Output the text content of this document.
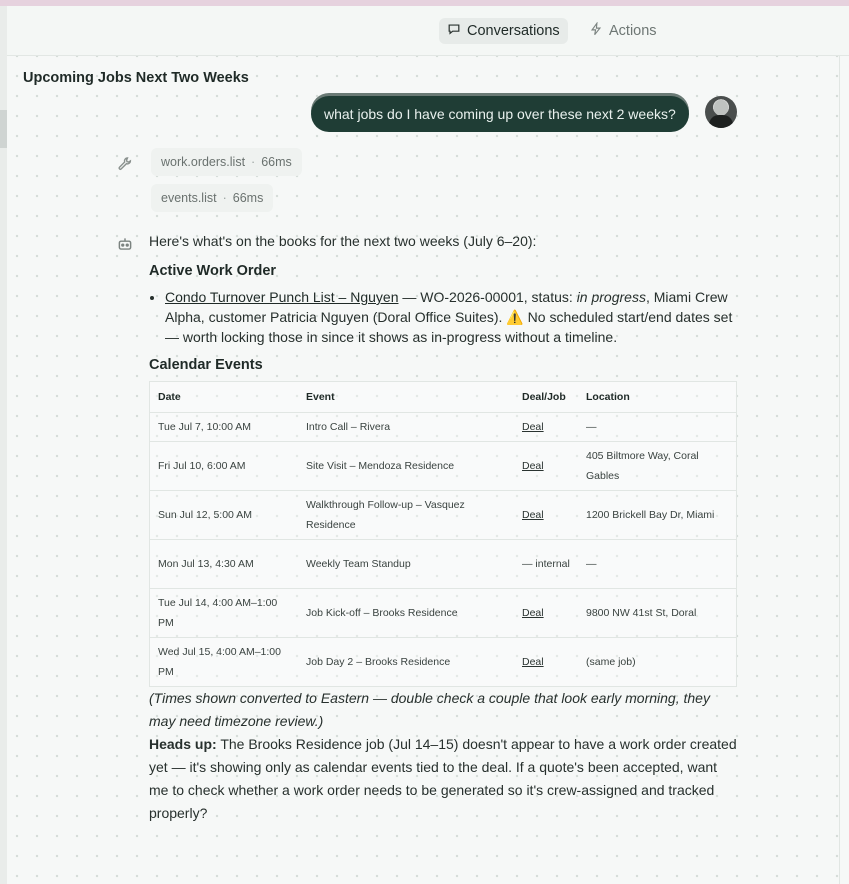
Conversations	Actions
Upcoming Jobs Next Two Weeks
what jobs do I have coming up over these next 2 weeks?
work.orders.list · 66ms
events.list · 66ms

Here's what's on the books for the next two weeks (July 6–20):

Active Work Order
• Condo Turnover Punch List – Nguyen — WO-2026-00001, status: in progress, Miami Crew Alpha, customer Patricia Nguyen (Doral Office Suites). ⚠️ No scheduled start/end dates set — worth locking those in since it shows as in-progress without a timeline.
Calendar Events
Date	Event	Deal/Job	Location
Tue Jul 7, 10:00 AM	Intro Call – Rivera	Deal	—
Fri Jul 10, 6:00 AM	Site Visit – Mendoza Residence	Deal	405 Biltmore Way, Coral Gables
Sun Jul 12, 5:00 AM	Walkthrough Follow-up – Vasquez Residence	Deal	1200 Brickell Bay Dr, Miami
Mon Jul 13, 4:30 AM	Weekly Team Standup	— internal	—
Tue Jul 14, 4:00 AM–1:00 PM	Job Kick-off – Brooks Residence	Deal	9800 NW 41st St, Doral
Wed Jul 15, 4:00 AM–1:00 PM	Job Day 2 – Brooks Residence	Deal	(same job)

(Times shown converted to Eastern — double check a couple that look early morning, they may need timezone review.)

Heads up: The Brooks Residence job (Jul 14–15) doesn't appear to have a work order created yet — it's showing only as calendar events tied to the deal. If a quote's been accepted, want me to check whether a work order needs to be generated so it's crew-assigned and tracked properly?
